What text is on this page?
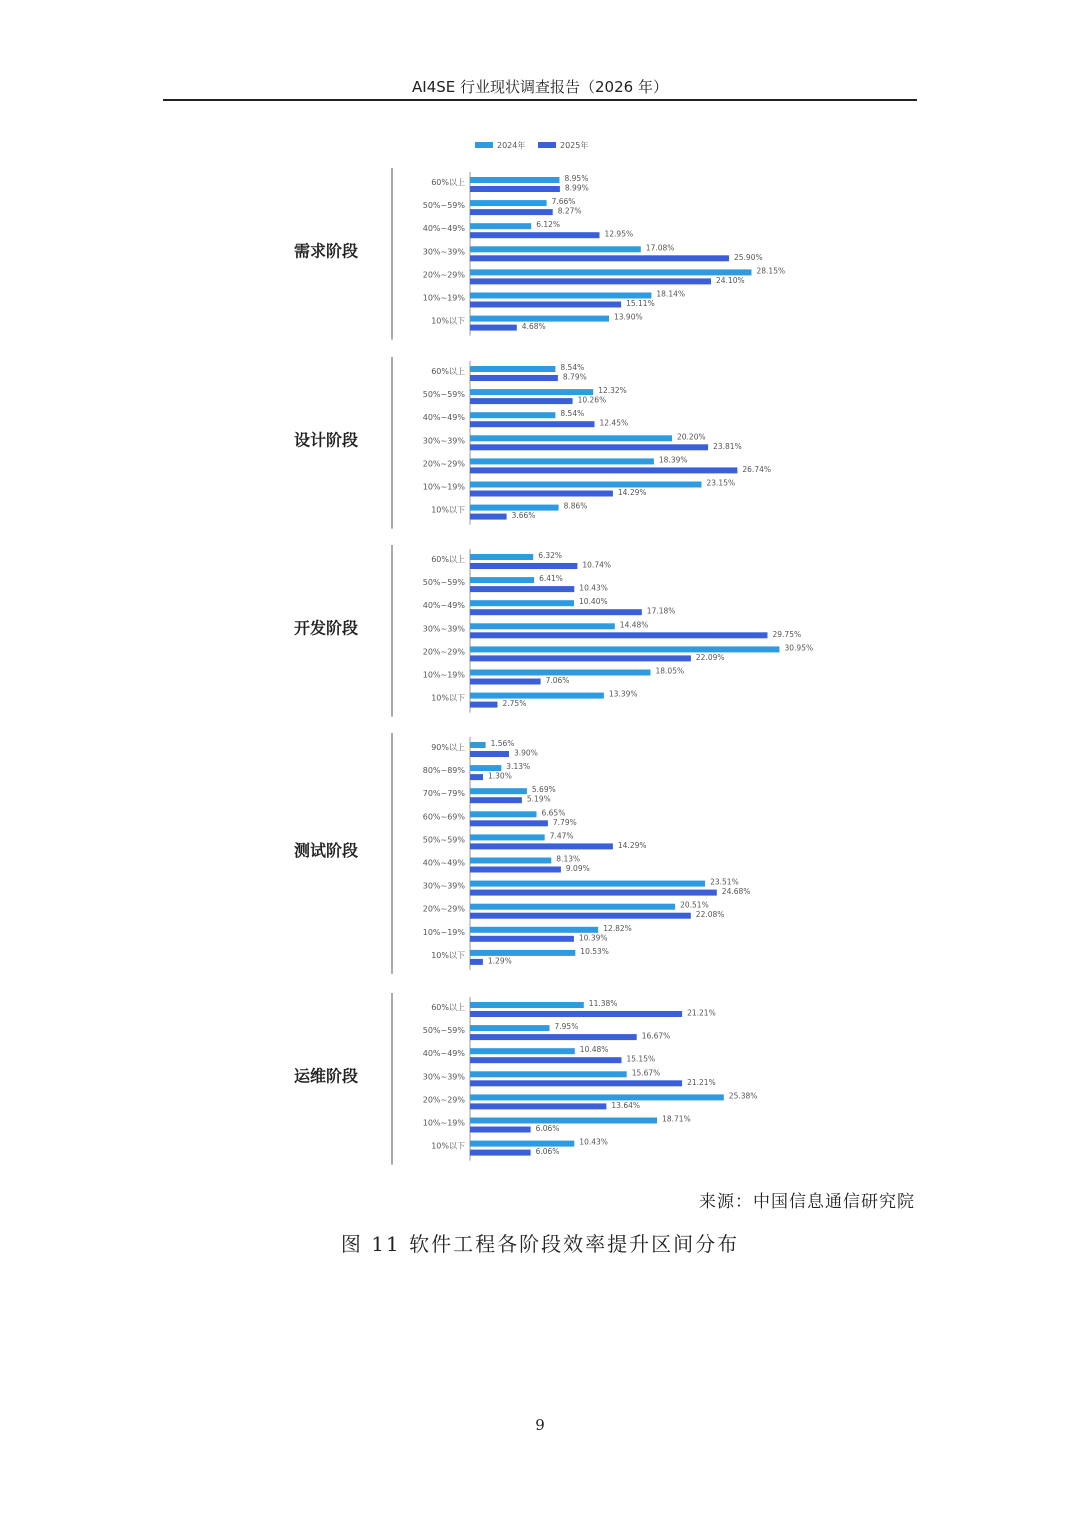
AI4SE 行业现状调查报告（2026 年）
2024年	2025年
需求阶段
60%以上	8.95%
8.99%
50%~59%	7.66%
8.27%
40%~49%	6.12%
12.95%
30%~39%	17.08%
25.90%
20%~29%	28.15%
24.10%
10%~19%	18.14%
15.11%
10%以下	13.90%
4.68%
设计阶段
60%以上	8.54%
8.79%
50%~59%	12.32%
10.26%
40%~49%	8.54%
12.45%
30%~39%	20.20%
23.81%
20%~29%	18.39%
26.74%
10%~19%	23.15%
14.29%
10%以下	8.86%
3.66%
开发阶段
60%以上	6.32%
10.74%
50%~59%	6.41%
10.43%
40%~49%	10.40%
17.18%
30%~39%	14.48%
29.75%
20%~29%	30.95%
22.09%
10%~19%	18.05%
7.06%
10%以下	13.39%
2.75%
测试阶段
90%以上	1.56%
3.90%
80%~89%	3.13%
1.30%
70%~79%	5.69%
5.19%
60%~69%	6.65%
7.79%
50%~59%	7.47%
14.29%
40%~49%	8.13%
9.09%
30%~39%	23.51%
24.68%
20%~29%	20.51%
22.08%
10%~19%	12.82%
10.39%
10%以下	10.53%
1.29%
运维阶段
60%以上	11.38%
21.21%
50%~59%	7.95%
16.67%
40%~49%	10.48%
15.15%
30%~39%	15.67%
21.21%
20%~29%	25.38%
13.64%
10%~19%	18.71%
6.06%
10%以下	10.43%
6.06%
来源：中国信息通信研究院
图 11 软件工程各阶段效率提升区间分布
9
